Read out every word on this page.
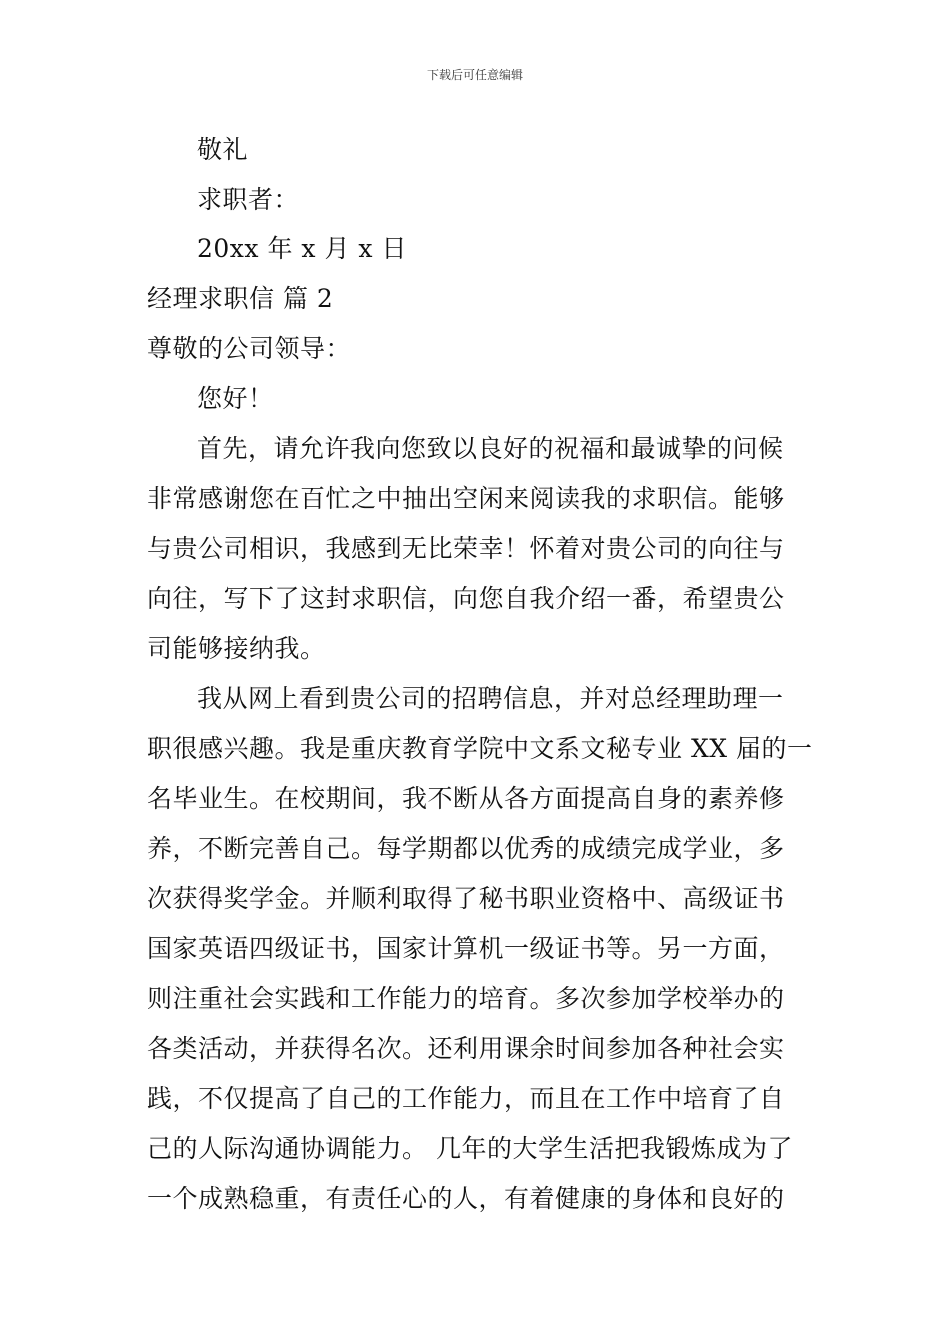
下载后可任意编辑
敬礼
求职者：
20xx 年 x 月 x 日
经理求职信 篇 2
尊敬的公司领导：
您好！
首先，请允许我向您致以良好的祝福和最诚挚的问候
非常感谢您在百忙之中抽出空闲来阅读我的求职信。能够
与贵公司相识，我感到无比荣幸！怀着对贵公司的向往与
向往，写下了这封求职信，向您自我介绍一番，希望贵公
司能够接纳我。
我从网上看到贵公司的招聘信息，并对总经理助理一
职很感兴趣。我是重庆教育学院中文系文秘专业 XX 届的一
名毕业生。在校期间，我不断从各方面提高自身的素养修
养，不断完善自己。每学期都以优秀的成绩完成学业，多
次获得奖学金。并顺利取得了秘书职业资格中、高级证书
国家英语四级证书，国家计算机一级证书等。另一方面，
则注重社会实践和工作能力的培育。多次参加学校举办的
各类活动，并获得名次。还利用课余时间参加各种社会实
践，不仅提高了自己的工作能力，而且在工作中培育了自
己的人际沟通协调能力。 几年的大学生活把我锻炼成为了
一个成熟稳重，有责任心的人，有着健康的身体和良好的
